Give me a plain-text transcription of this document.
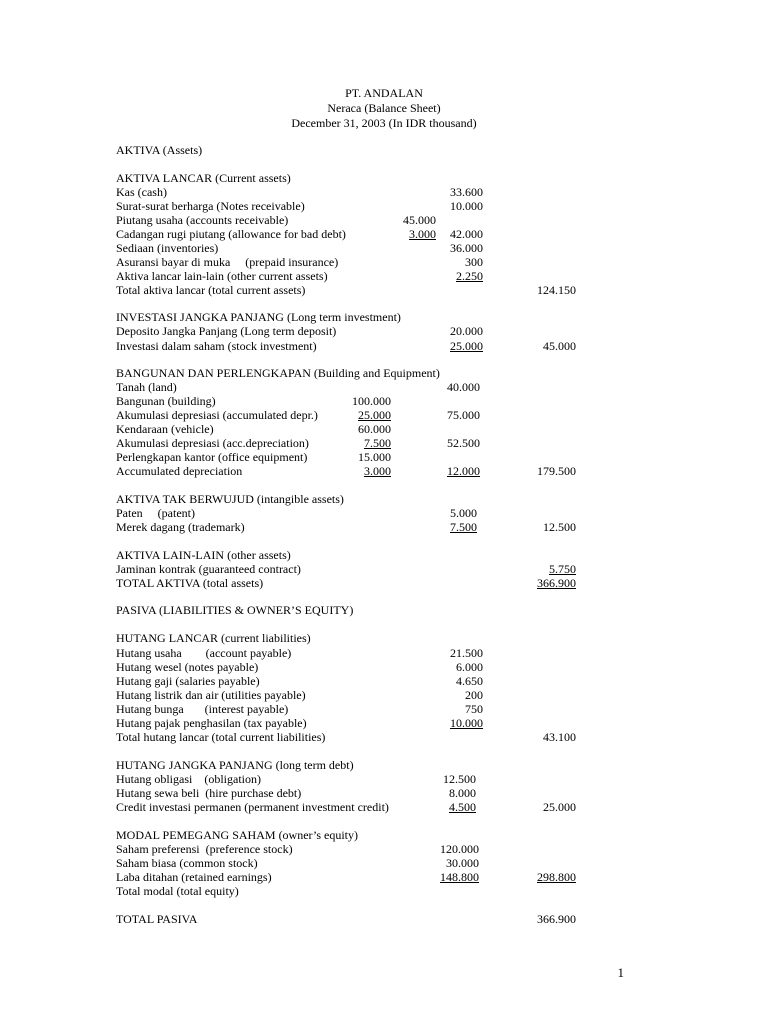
PT. ANDALAN
Neraca (Balance Sheet)
December 31, 2003 (In IDR thousand)
AKTIVA (Assets)
AKTIVA LANCAR (Current assets)
Kas (cash)	33.600
Surat-surat berharga (Notes receivable)	10.000
Piutang usaha (accounts receivable)	45.000
Cadangan rugi piutang (allowance for bad debt)	3.000 42.000
Sediaan (inventories)	36.000
Asuransi bayar di muka     (prepaid insurance)	300
Aktiva lancar lain-lain (other current assets)	2.250
Total aktiva lancar (total current assets)	124.150
INVESTASI JANGKA PANJANG (Long term investment)
Deposito Jangka Panjang (Long term deposit)	20.000
Investasi dalam saham (stock investment)	25.000	45.000
BANGUNAN DAN PERLENGKAPAN (Building and Equipment)
Tanah (land)	40.000
Bangunan (building)	100.000
Akumulasi depresiasi (accumulated depr.)	25.000	75.000
Kendaraan (vehicle)	60.000
Akumulasi depresiasi (acc.depreciation)	7.500	52.500
Perlengkapan kantor (office equipment)	15.000
Accumulated depreciation	3.000	12.000	179.500
AKTIVA TAK BERWUJUD (intangible assets)
Paten     (patent)	5.000
Merek dagang (trademark)	7.500	12.500
AKTIVA LAIN-LAIN (other assets)
Jaminan kontrak (guaranteed contract)	5.750
TOTAL AKTIVA (total assets)	366.900
PASIVA (LIABILITIES & OWNER’S EQUITY)
HUTANG LANCAR (current liabilities)
Hutang usaha        (account payable)	21.500
Hutang wesel (notes payable)	6.000
Hutang gaji (salaries payable)	4.650
Hutang listrik dan air (utilities payable)	200
Hutang bunga       (interest payable)	750
Hutang pajak penghasilan (tax payable)	10.000
Total hutang lancar (total current liabilities)	43.100
HUTANG JANGKA PANJANG (long term debt)
Hutang obligasi    (obligation)	12.500
Hutang sewa beli  (hire purchase debt)	8.000
Credit investasi permanen (permanent investment credit)	4.500	25.000
MODAL PEMEGANG SAHAM (owner’s equity)
Saham preferensi  (preference stock)	120.000
Saham biasa (common stock)	30.000
Laba ditahan (retained earnings)	148.800	298.800
Total modal (total equity)
TOTAL PASIVA	366.900
1
